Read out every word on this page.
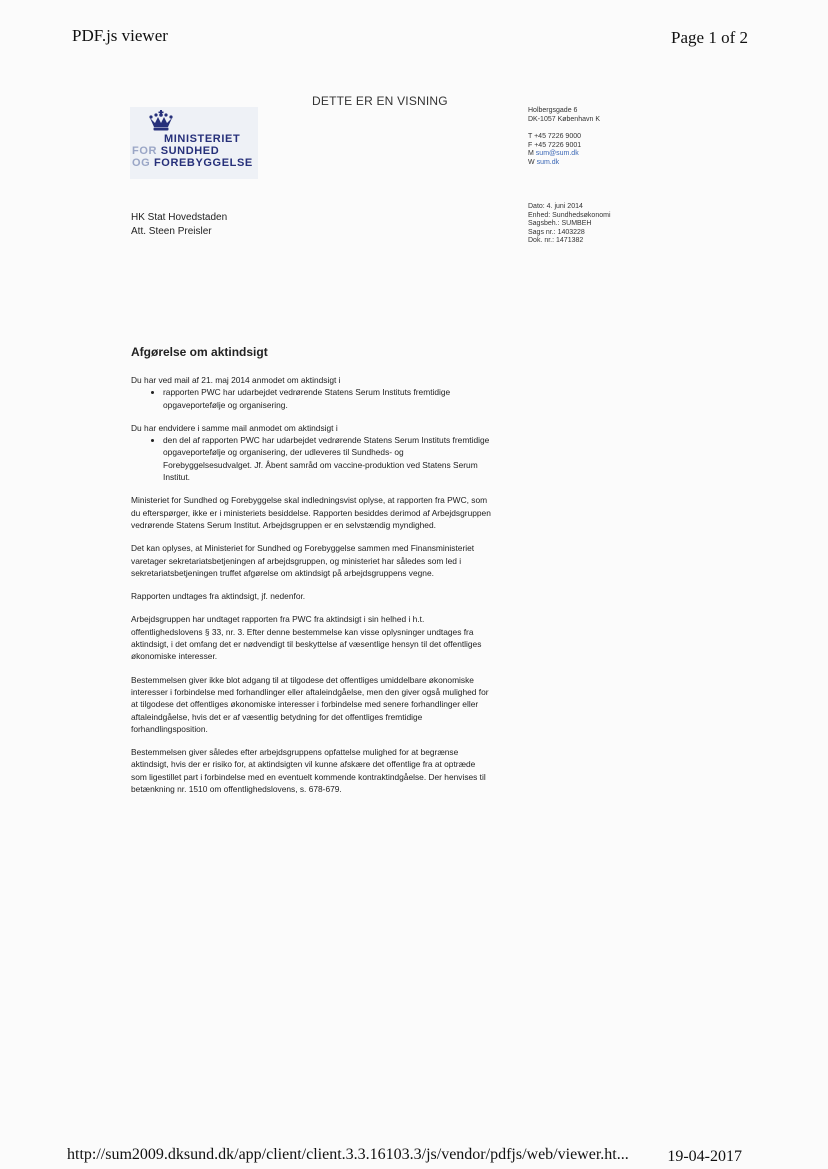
PDF.js viewer	Page 1 of 2
DETTE ER EN VISNING
MINISTERIET
FOR SUNDHED
OG FOREBYGGELSE
Holbergsgade 6
DK-1057 København K
T +45 7226 9000
F +45 7226 9001
M sum@sum.dk
W sum.dk
Dato: 4. juni 2014
Enhed: Sundhedsøkonomi
Sagsbeh.: SUMBEH
Sags nr.: 1403228
Dok. nr.: 1471382
HK Stat Hovedstaden
Att. Steen Preisler
Afgørelse om aktindsigt

Du har ved mail af 21. maj 2014 anmodet om aktindsigt i

• rapporten PWC har udarbejdet vedrørende Statens Serum Instituts fremtidige opgaveportefølje og organisering.

Du har endvidere i samme mail anmodet om aktindsigt i

• den del af rapporten PWC har udarbejdet vedrørende Statens Serum Instituts fremtidige opgaveportefølje og organisering, der udleveres til Sundheds- og Forebyggelsesudvalget. Jf. Åbent samråd om vaccine-produktion ved Statens Serum Institut.

Ministeriet for Sundhed og Forebyggelse skal indledningsvist oplyse, at rapporten fra PWC, som du efterspørger, ikke er i ministeriets besiddelse. Rapporten besiddes derimod af Arbejdsgruppen vedrørende Statens Serum Institut. Arbejdsgruppen er en selvstændig myndighed.

Det kan oplyses, at Ministeriet for Sundhed og Forebyggelse sammen med Finansministeriet varetager sekretariatsbetjeningen af arbejdsgruppen, og ministeriet har således som led i sekretariatsbetjeningen truffet afgørelse om aktindsigt på arbejdsgruppens vegne.

Rapporten undtages fra aktindsigt, jf. nedenfor.

Arbejdsgruppen har undtaget rapporten fra PWC fra aktindsigt i sin helhed i h.t. offentlighedslovens § 33, nr. 3. Efter denne bestemmelse kan visse oplysninger undtages fra aktindsigt, i det omfang det er nødvendigt til beskyttelse af væsentlige hensyn til det offentliges økonomiske interesser.

Bestemmelsen giver ikke blot adgang til at tilgodese det offentliges umiddelbare økonomiske interesser i forbindelse med forhandlinger eller aftaleindgåelse, men den giver også mulighed for at tilgodese det offentliges økonomiske interesser i forbindelse med senere forhandlinger eller aftaleindgåelse, hvis det er af væsentlig betydning for det offentliges fremtidige forhandlingsposition.

Bestemmelsen giver således efter arbejdsgruppens opfattelse mulighed for at begrænse aktindsigt, hvis der er risiko for, at aktindsigten vil kunne afskære det offentlige fra at optræde som ligestillet part i forbindelse med en eventuelt kommende kontraktindgåelse. Der henvises til betænkning nr. 1510 om offentlighedslovens, s. 678-679.

http://sum2009.dksund.dk/app/client/client.3.3.16103.3/js/vendor/pdfjs/web/viewer.ht... 19-04-2017
